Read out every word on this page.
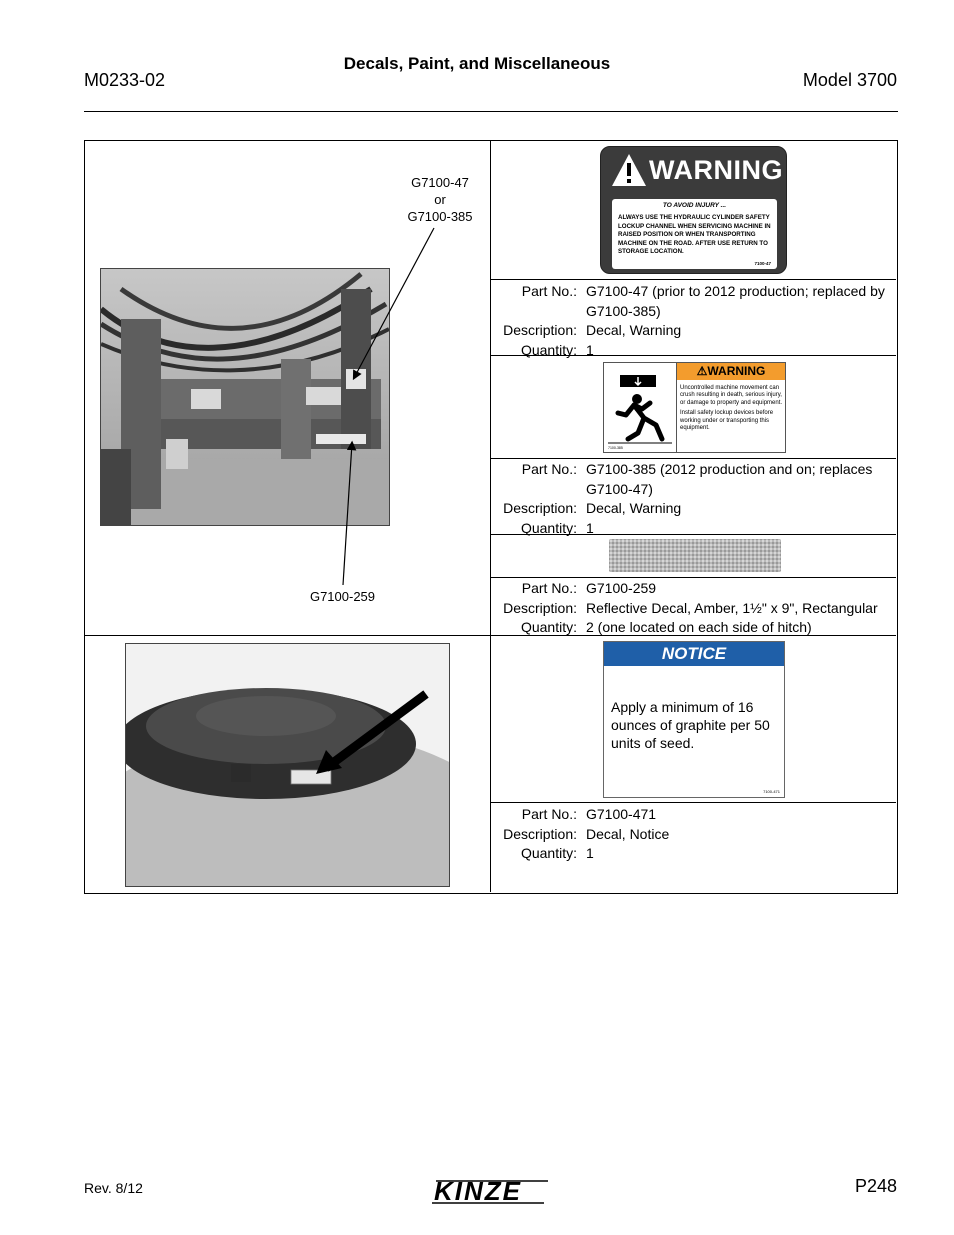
M0233-02
Decals, Paint, and Miscellaneous
Model 3700
G7100-47
or
G7100-385
G7100-259
WARNING
TO AVOID INJURY ...
ALWAYS USE THE HYDRAULIC CYLINDER SAFETY LOCKUP CHANNEL WHEN SERVICING MACHINE IN RAISED POSITION OR WHEN TRANSPORTING MACHINE ON THE ROAD. AFTER USE RETURN TO STORAGE LOCATION.
7100-47
Part No.: G7100-47 (prior to 2012 production; replaced by G7100-385)
Description: Decal, Warning
Quantity: 1
7100-385
⚠WARNING

Uncontrolled machine movement can crush resulting in death, serious injury, or damage to property and equipment.

Install safety lockup devices before working under or transporting this equipment.

Part No.: G7100-385 (2012 production and on; replaces G7100-47)
Description: Decal, Warning
Quantity: 1
Part No.: G7100-259
Description: Reflective Decal, Amber, 1½" x 9", Rectangular
Quantity: 2 (one located on each side of hitch)
NOTICE
Apply a minimum of 16 ounces of graphite per 50 units of seed.
7100-471
Part No.: G7100-471
Description: Decal, Notice
Quantity: 1
Rev. 8/12	KINZE	P248
